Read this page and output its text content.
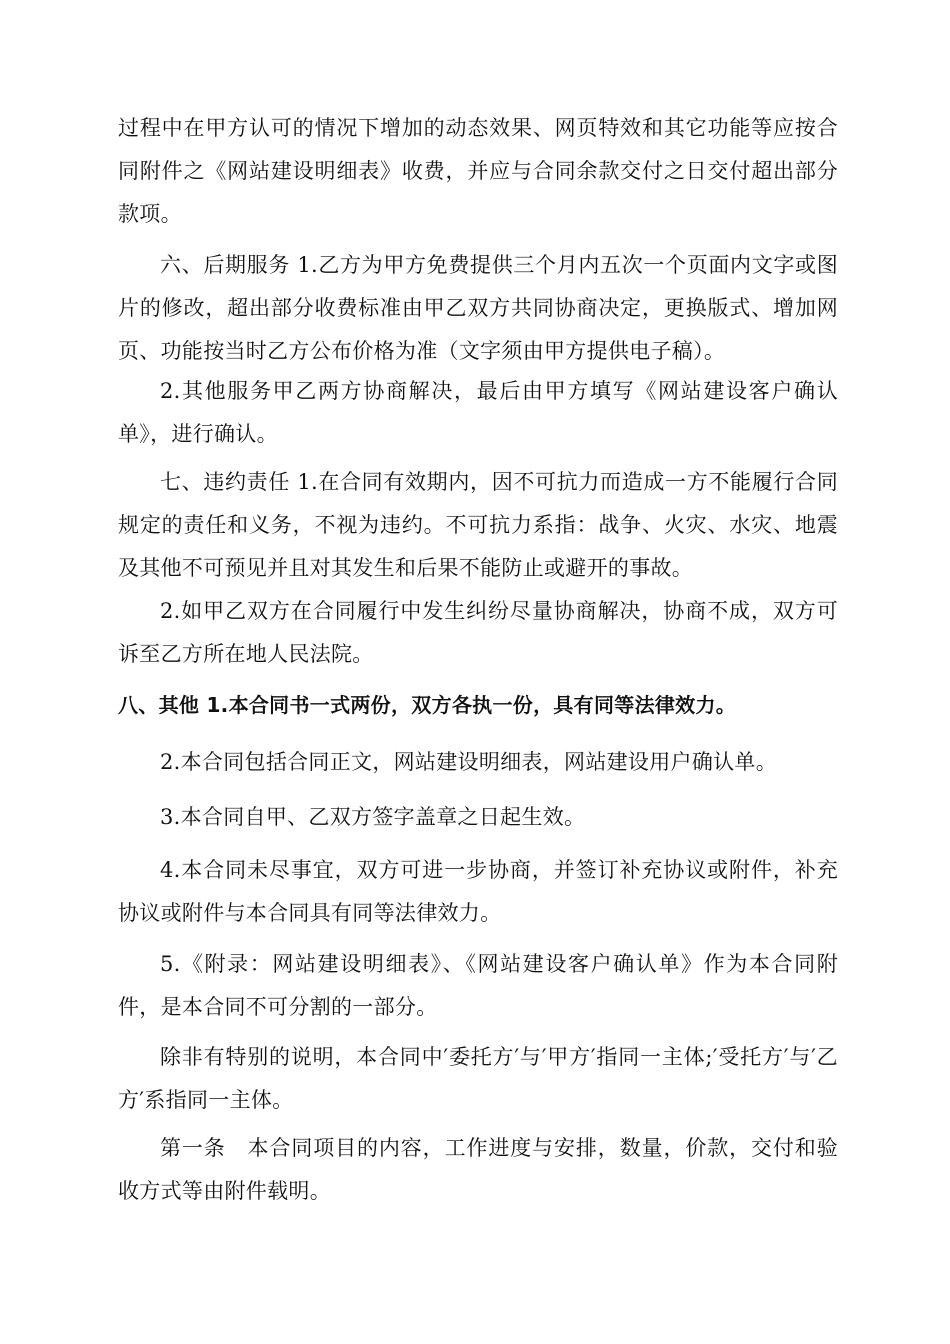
过程中在甲方认可的情况下增加的动态效果、网页特效和其它功能等应按合同附件之《网站建设明细表》收费，并应与合同余款交付之日交付超出部分款项。

六、后期服务 1.乙方为甲方免费提供三个月内五次一个页面内文字或图片的修改，超出部分收费标准由甲乙双方共同协商决定，更换版式、增加网页、功能按当时乙方公布价格为准（文字须由甲方提供电子稿）。

2.其他服务甲乙两方协商解决，最后由甲方填写《网站建设客户确认单》，进行确认。

七、违约责任 1.在合同有效期内，因不可抗力而造成一方不能履行合同规定的责任和义务，不视为违约。不可抗力系指：战争、火灾、水灾、地震及其他不可预见并且对其发生和后果不能防止或避开的事故。

2.如甲乙双方在合同履行中发生纠纷尽量协商解决，协商不成，双方可诉至乙方所在地人民法院。

八、其他 1.本合同书一式两份，双方各执一份，具有同等法律效力。

2.本合同包括合同正文，网站建设明细表，网站建设用户确认单。

3.本合同自甲、乙双方签字盖章之日起生效。

4.本合同未尽事宜，双方可进一步协商，并签订补充协议或附件，补充协议或附件与本合同具有同等法律效力。

5.《附录：网站建设明细表》、《网站建设客户确认单》作为本合同附件，是本合同不可分割的一部分。

除非有特别的说明，本合同中′委托方′与′甲方′指同一主体;′受托方′与′乙方′系指同一主体。

第一条　本合同项目的内容，工作进度与安排，数量，价款，交付和验收方式等由附件载明。
